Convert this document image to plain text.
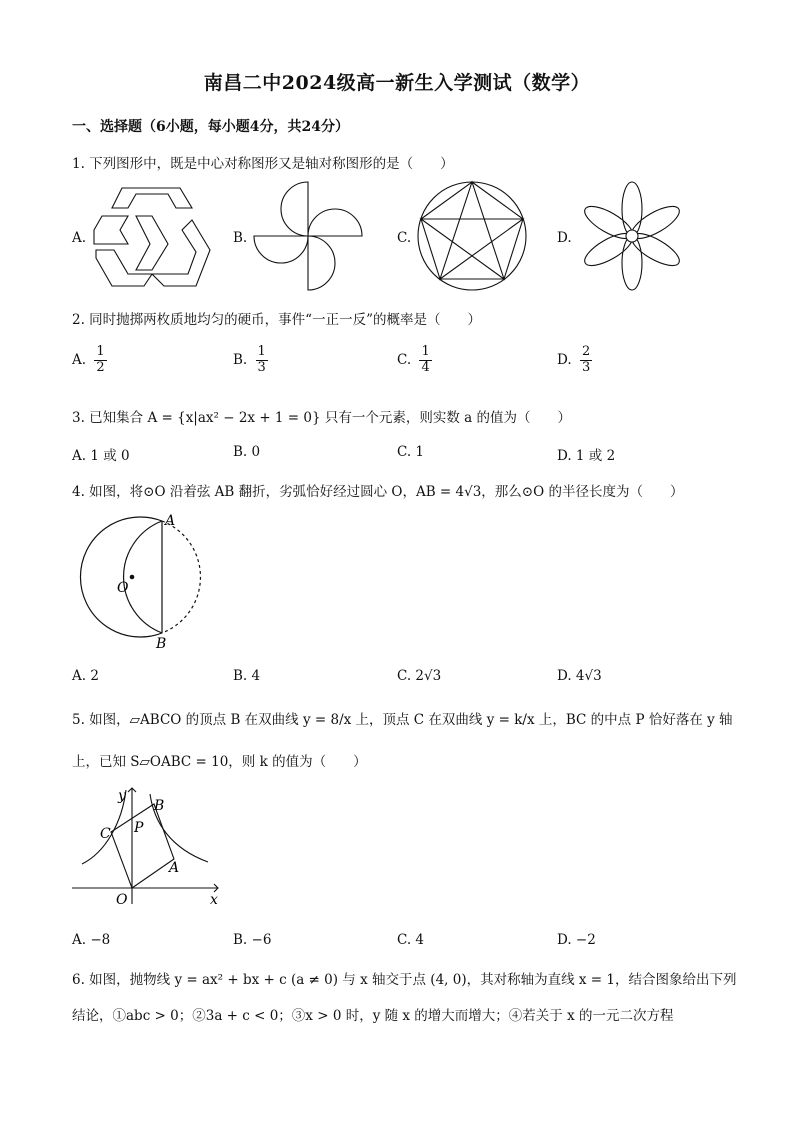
南昌二中2024级高一新生入学测试（数学）
一、选择题（6小题，每小题4分，共24分）
1. 下列图形中，既是中心对称图形又是轴对称图形的是（　　）
A.	B.	C.	D.
2. 同时抛掷两枚质地均匀的硬币，事件“一正一反”的概率是（　　）
A. $\frac{1}{2}$	B. $\frac{1}{3}$	C. $\frac{1}{4}$	D. $\frac{2}{3}$
3. 已知集合 A = {x|ax² − 2x + 1 = 0} 只有一个元素，则实数 a 的值为（　　）
A. 1 或 0	B. 0	C. 1	D. 1 或 2
4. 如图，将⊙O 沿着弦 AB 翻折，劣弧恰好经过圆心 O，AB = 4√3，那么⊙O 的半径长度为（　　）
A
B
O
A. 2	B. 4	C. 2√3	D. 4√3
5. 如图，▱ABCO 的顶点 B 在双曲线 y = 8/x 上，顶点 C 在双曲线 y = k/x 上，BC 的中点 P 恰好落在 y 轴
上，已知 S▱OABC = 10，则 k 的值为（　　）
y
x
O
A
B
C P
A. −8	B. −6	C. 4	D. −2
6. 如图，抛物线 y = ax² + bx + c (a ≠ 0) 与 x 轴交于点 (4, 0)，其对称轴为直线 x = 1，结合图象给出下列
结论，①abc > 0；②3a + c < 0；③x > 0 时，y 随 x 的增大而增大；④若关于 x 的一元二次方程
